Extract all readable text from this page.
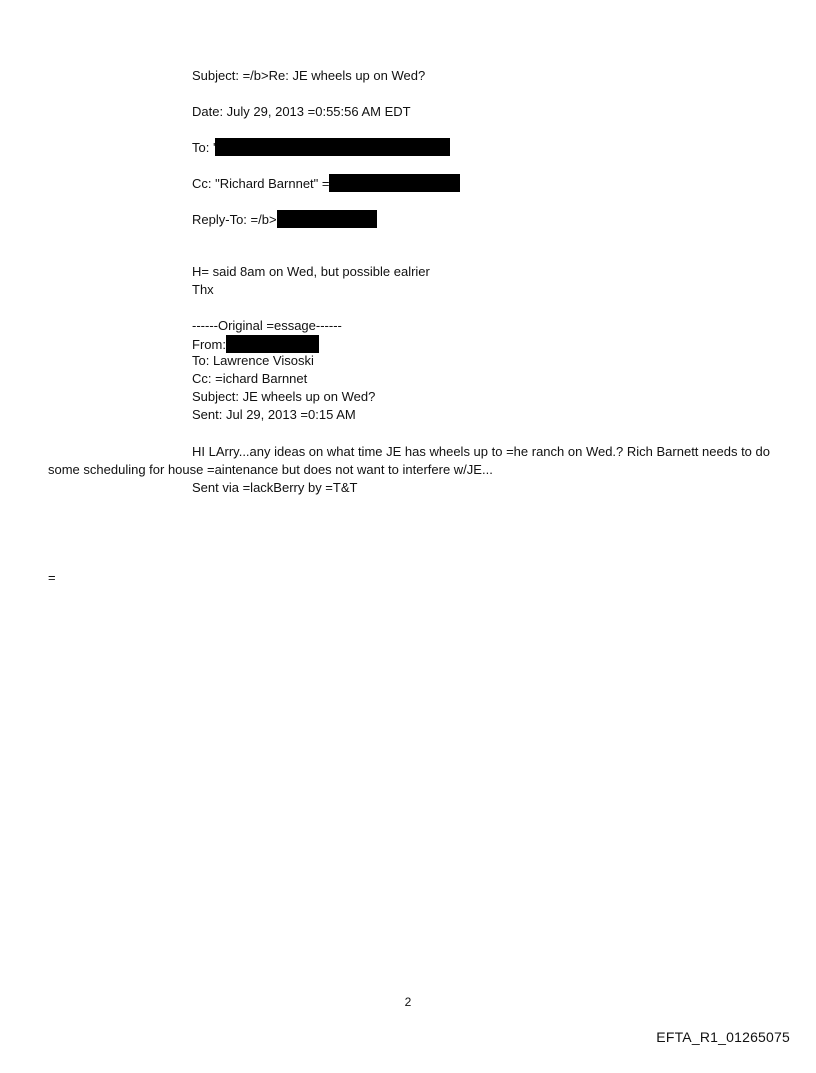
Subject: =/b>Re: JE wheels up on Wed?
Date: July 29, 2013 =0:55:56 AM EDT
To: '
Cc: "Richard Barnnet" =
Reply-To: =/b>
H= said 8am on Wed, but possible ealrier
Thx
------Original =essage------
From:
To: Lawrence Visoski
Cc: =ichard Barnnet
Subject: JE wheels up on Wed?
Sent: Jul 29, 2013 =0:15 AM
HI LArry...any ideas on what time JE has wheels up to =he ranch on Wed.? Rich Barnett needs to do some scheduling for house =aintenance but does not want to interfere w/JE...
Sent via =lackBerry by =T&T
=
2
EFTA_R1_01265075
